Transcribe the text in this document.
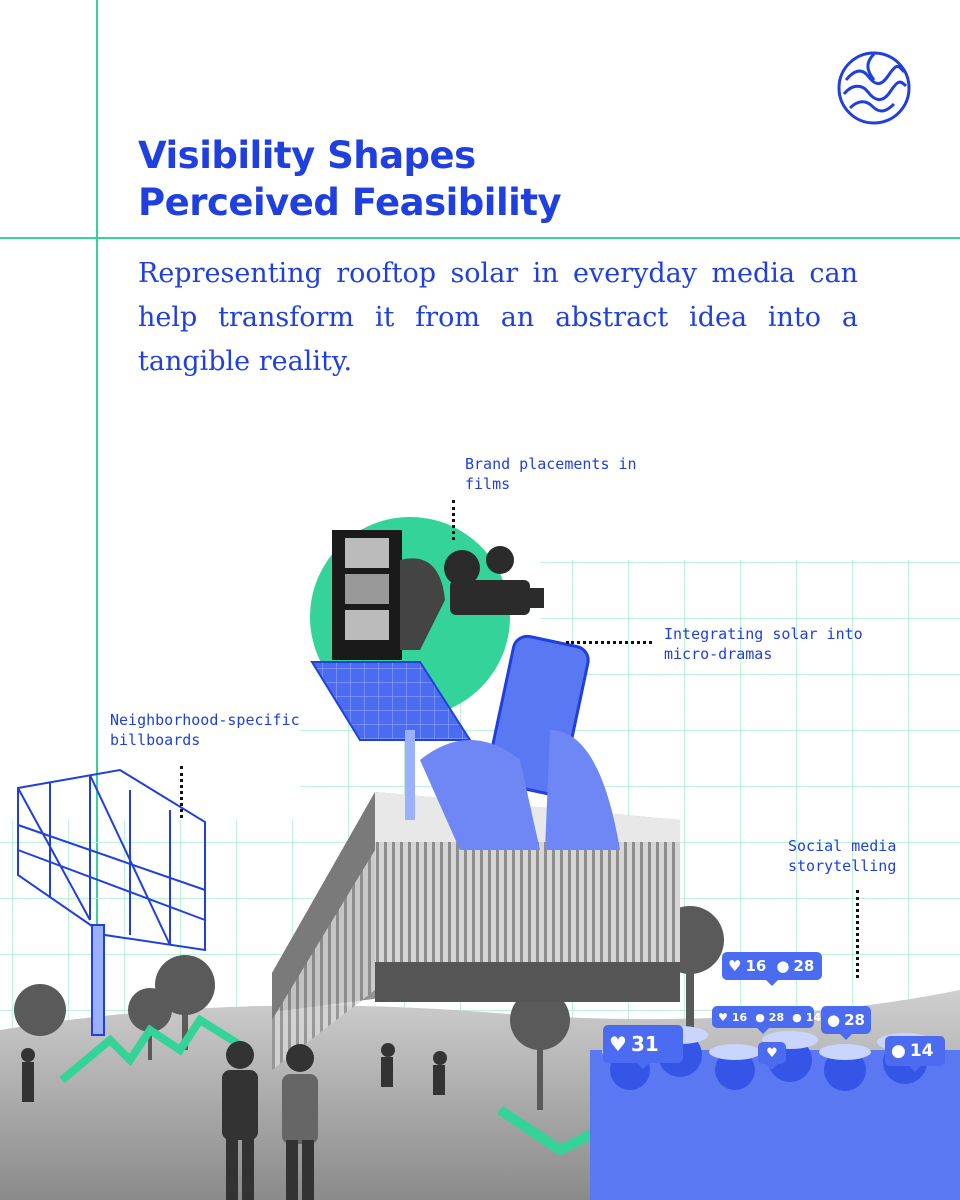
Visibility Shapes
Perceived Feasibility

Representing rooftop solar in everyday media can help transform it from an abstract idea into a tangible reality.

Brand placements in
films

Integrating solar into
micro-dramas

Neighborhood-specific
billboards

Social media
storytelling

♥ 31
♥ 16 ● 28
♥ 16 ● 28 ● 14 ● 28
● 14
♥
